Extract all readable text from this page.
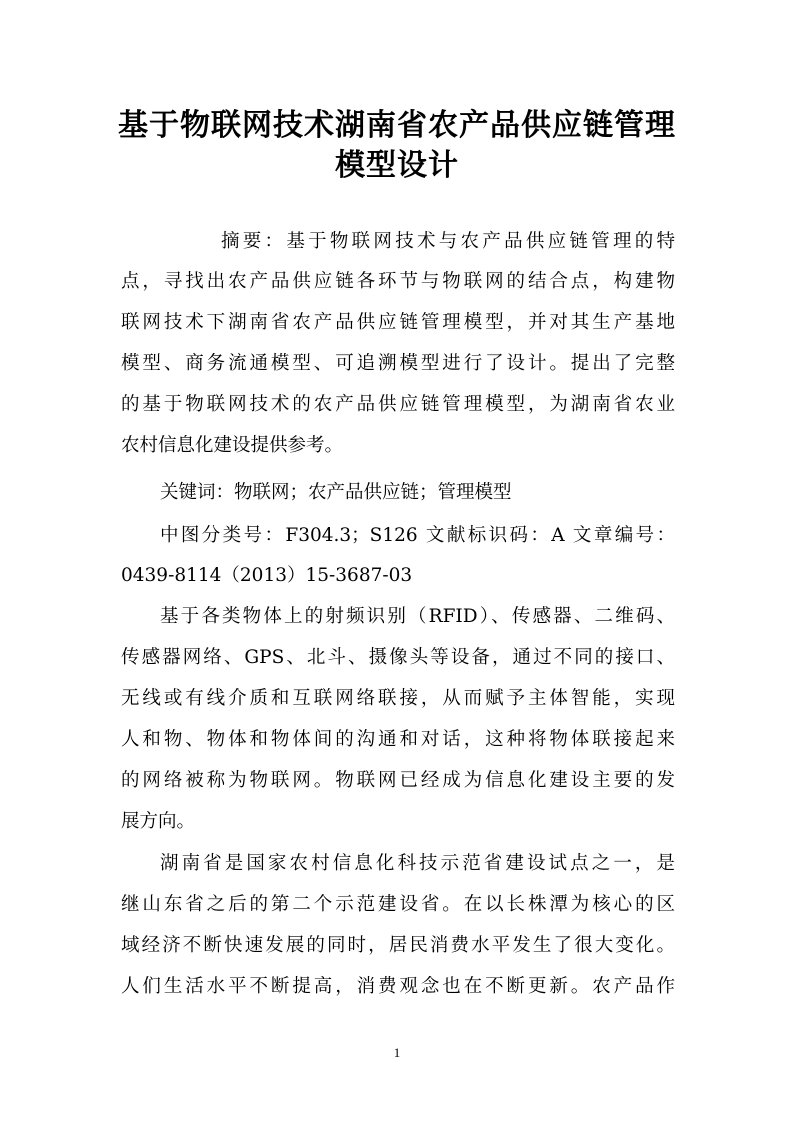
基于物联网技术湖南省农产品供应链管理
模型设计
摘要：基于物联网技术与农产品供应链管理的特
点，寻找出农产品供应链各环节与物联网的结合点，构建物
联网技术下湖南省农产品供应链管理模型，并对其生产基地
模型、商务流通模型、可追溯模型进行了设计。提出了完整
的基于物联网技术的农产品供应链管理模型，为湖南省农业
农村信息化建设提供参考。
关键词：物联网；农产品供应链；管理模型
中图分类号：F304.3；S126 文献标识码：A 文章编号：
0439-8114（2013）15-3687-03
基于各类物体上的射频识别（RFID）、传感器、二维码、
传感器网络、GPS、北斗、摄像头等设备，通过不同的接口、
无线或有线介质和互联网络联接，从而赋予主体智能，实现
人和物、物体和物体间的沟通和对话，这种将物体联接起来
的网络被称为物联网。物联网已经成为信息化建设主要的发
展方向。
湖南省是国家农村信息化科技示范省建设试点之一，是
继山东省之后的第二个示范建设省。在以长株潭为核心的区
域经济不断快速发展的同时，居民消费水平发生了很大变化。
人们生活水平不断提高，消费观念也在不断更新。农产品作
1
